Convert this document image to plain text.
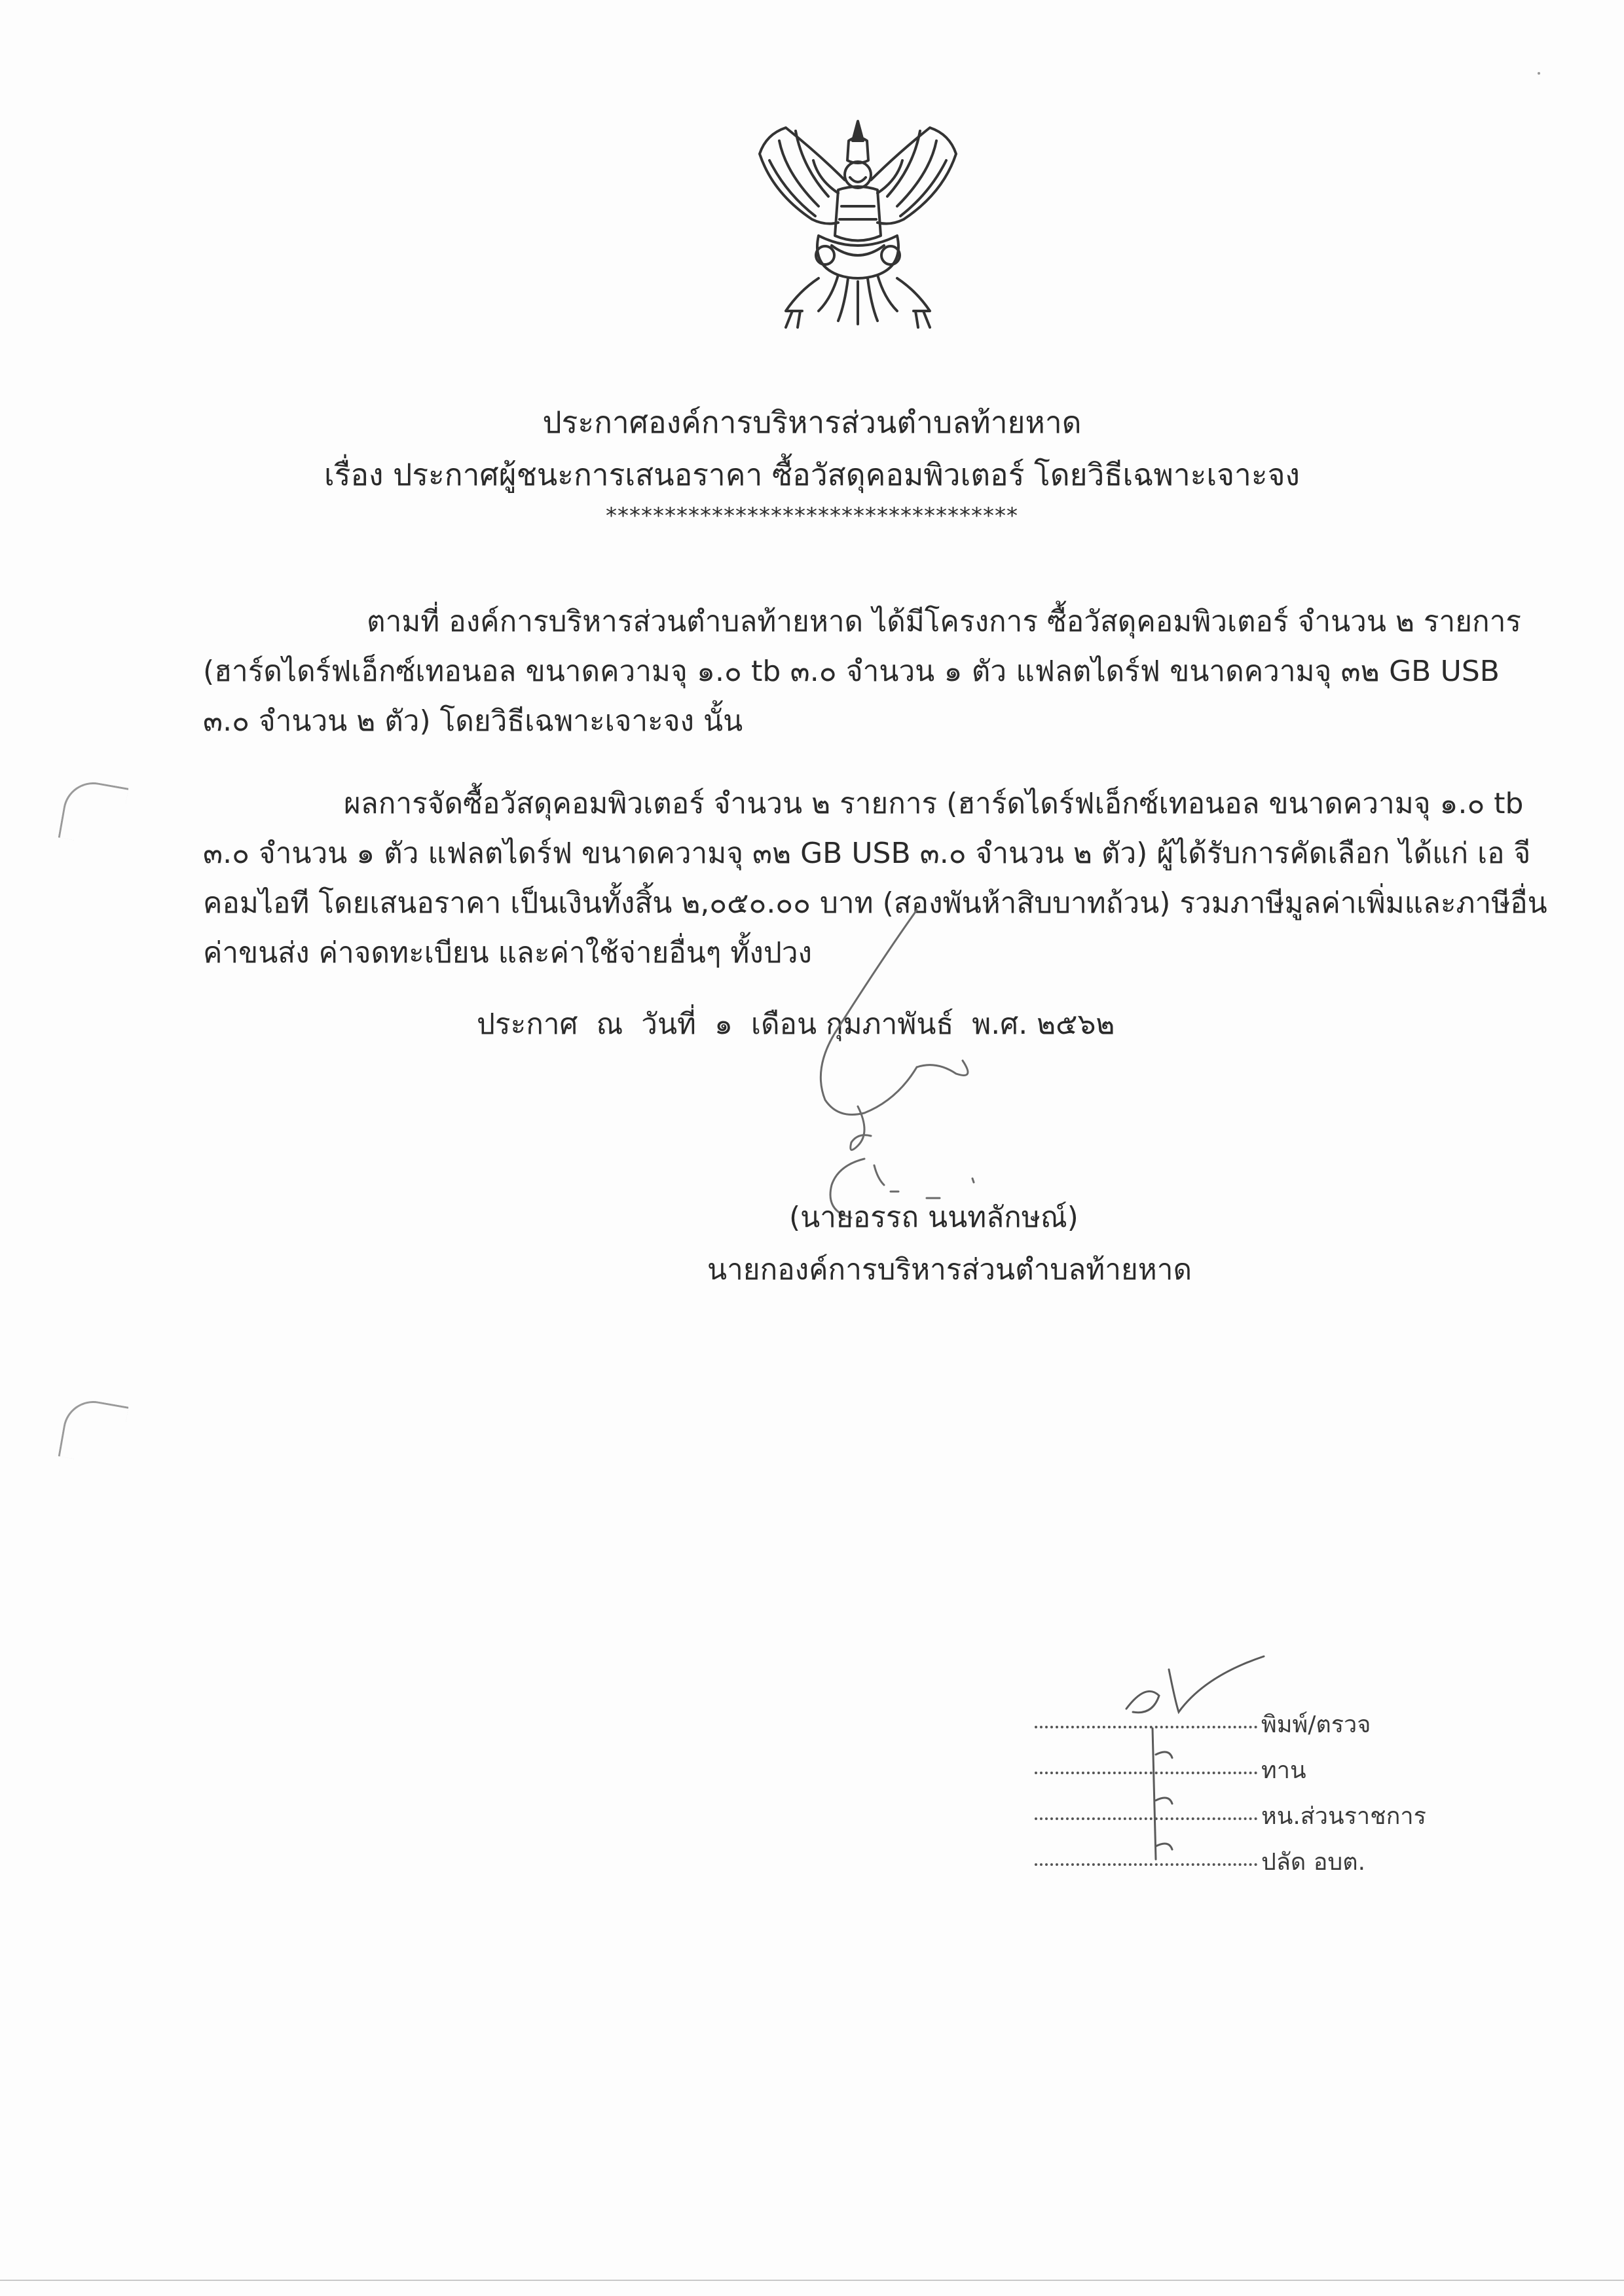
ประกาศองค์การบริหารส่วนตำบลท้ายหาด
เรื่อง ประกาศผู้ชนะการเสนอราคา ซื้อวัสดุคอมพิวเตอร์ โดยวิธีเฉพาะเจาะจง
***********************************
ตามที่ องค์การบริหารส่วนตำบลท้ายหาด ได้มีโครงการ ซื้อวัสดุคอมพิวเตอร์ จำนวน ๒ รายการ
(ฮาร์ดไดร์ฟเอ็กซ์เทอนอล ขนาดความจุ ๑.๐ tb ๓.๐ จำนวน ๑ ตัว แฟลตไดร์ฟ ขนาดความจุ ๓๒ GB USB
๓.๐ จำนวน ๒ ตัว) โดยวิธีเฉพาะเจาะจง นั้น
ผลการจัดซื้อวัสดุคอมพิวเตอร์ จำนวน ๒ รายการ (ฮาร์ดไดร์ฟเอ็กซ์เทอนอล ขนาดความจุ ๑.๐ tb
๓.๐ จำนวน ๑ ตัว แฟลตไดร์ฟ ขนาดความจุ ๓๒ GB USB ๓.๐ จำนวน ๒ ตัว) ผู้ได้รับการคัดเลือก ได้แก่ เอ จี
คอมไอที โดยเสนอราคา เป็นเงินทั้งสิ้น ๒,๐๕๐.๐๐ บาท (สองพันห้าสิบบาทถ้วน) รวมภาษีมูลค่าเพิ่มและภาษีอื่น
ค่าขนส่ง ค่าจดทะเบียน และค่าใช้จ่ายอื่นๆ ทั้งปวง
ประกาศ  ณ  วันที่  ๑  เดือน กุมภาพันธ์  พ.ศ. ๒๕๖๒
(นายอรรถ นนทลักษณ์)
นายกองค์การบริหารส่วนตำบลท้ายหาด
พิมพ์/ตรวจ
ทาน
หน.ส่วนราชการ
ปลัด อบต.
